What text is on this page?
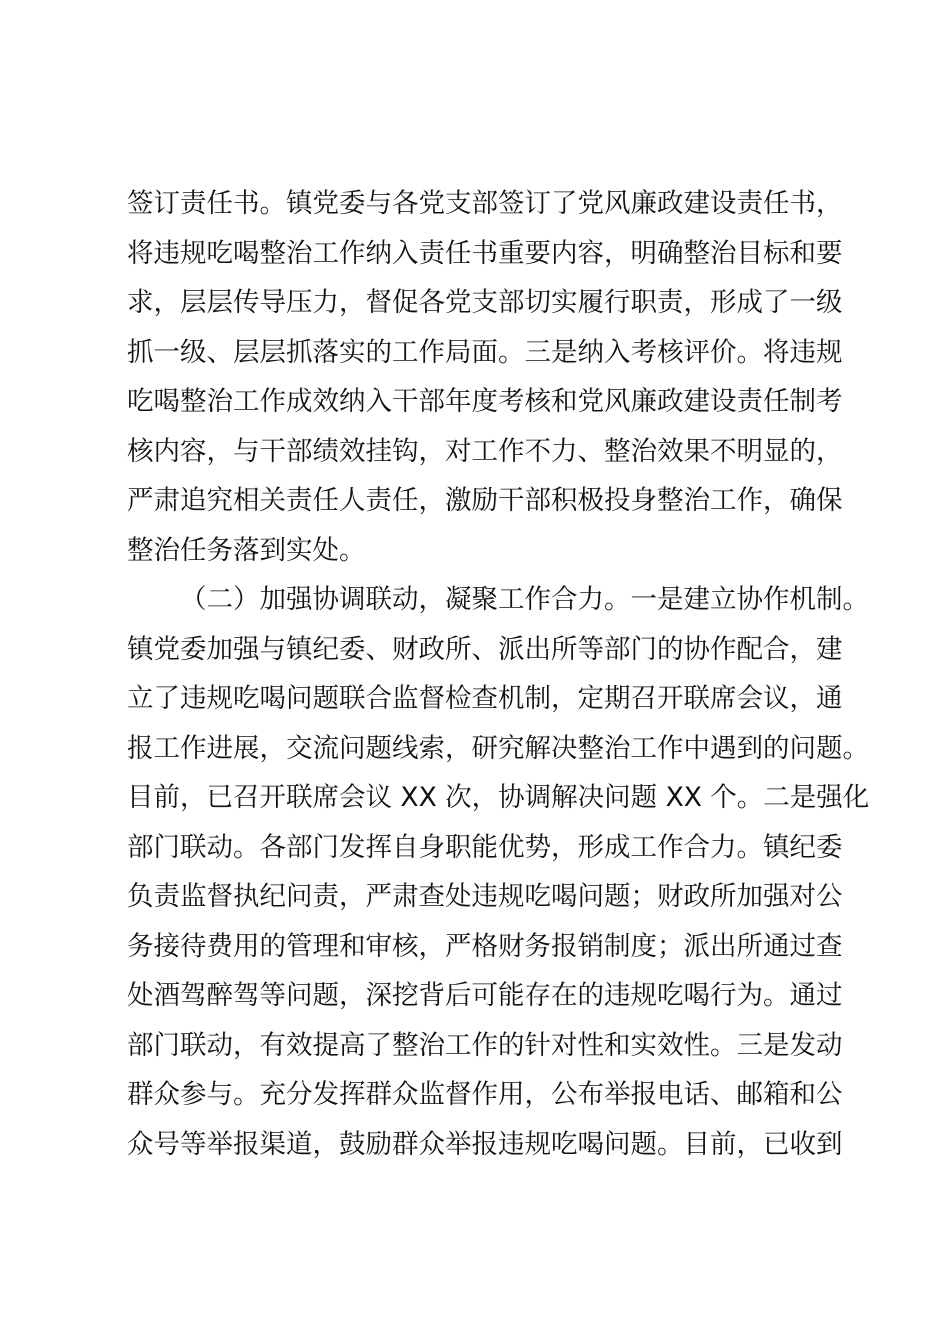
签订责任书。镇党委与各党支部签订了党风廉政建设责任书，
将违规吃喝整治工作纳入责任书重要内容，明确整治目标和要
求，层层传导压力，督促各党支部切实履行职责，形成了一级
抓一级、层层抓落实的工作局面。三是纳入考核评价。将违规
吃喝整治工作成效纳入干部年度考核和党风廉政建设责任制考
核内容，与干部绩效挂钩，对工作不力、整治效果不明显的，
严肃追究相关责任人责任，激励干部积极投身整治工作，确保
整治任务落到实处。
（二）加强协调联动，凝聚工作合力。一是建立协作机制。
镇党委加强与镇纪委、财政所、派出所等部门的协作配合，建
立了违规吃喝问题联合监督检查机制，定期召开联席会议，通
报工作进展，交流问题线索，研究解决整治工作中遇到的问题。
目前，已召开联席会议 XX 次，协调解决问题 XX 个。二是强化
部门联动。各部门发挥自身职能优势，形成工作合力。镇纪委
负责监督执纪问责，严肃查处违规吃喝问题；财政所加强对公
务接待费用的管理和审核，严格财务报销制度；派出所通过查
处酒驾醉驾等问题，深挖背后可能存在的违规吃喝行为。通过
部门联动，有效提高了整治工作的针对性和实效性。三是发动
群众参与。充分发挥群众监督作用，公布举报电话、邮箱和公
众号等举报渠道，鼓励群众举报违规吃喝问题。目前，已收到
